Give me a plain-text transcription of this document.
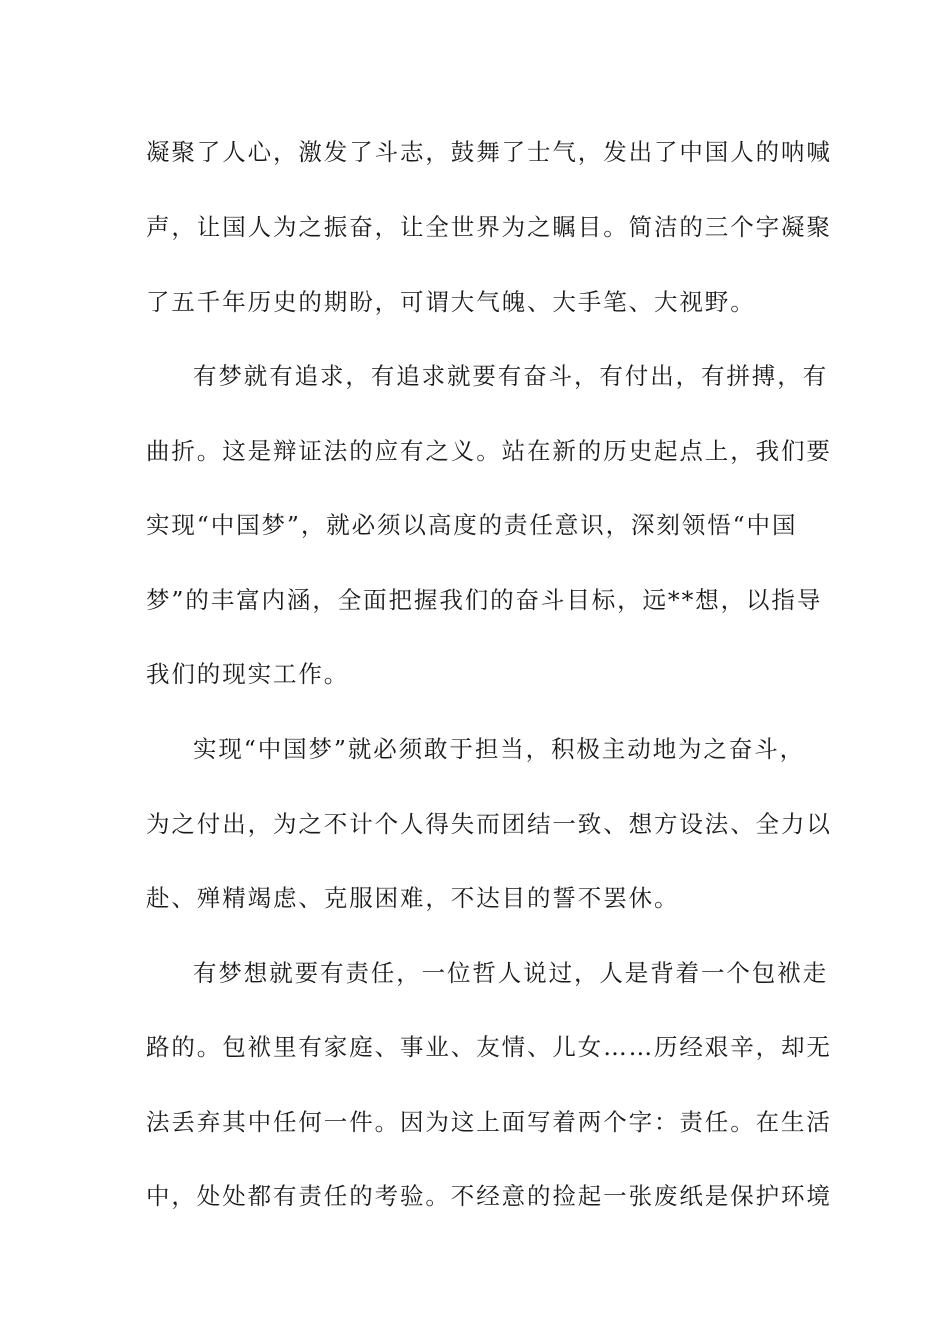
凝聚了人心，激发了斗志，鼓舞了士气，发出了中国人的呐喊
声，让国人为之振奋，让全世界为之瞩目。简洁的三个字凝聚
了五千年历史的期盼，可谓大气魄、大手笔、大视野。
有梦就有追求，有追求就要有奋斗，有付出，有拼搏，有
曲折。这是辩证法的应有之义。站在新的历史起点上，我们要
实现“中国梦”，就必须以高度的责任意识，深刻领悟“中国
梦”的丰富内涵，全面把握我们的奋斗目标，远**想，以指导
我们的现实工作。
实现“中国梦”就必须敢于担当，积极主动地为之奋斗，
为之付出，为之不计个人得失而团结一致、想方设法、全力以
赴、殚精竭虑、克服困难，不达目的誓不罢休。
有梦想就要有责任，一位哲人说过，人是背着一个包袱走
路的。包袱里有家庭、事业、友情、儿女……历经艰辛，却无
法丢弃其中任何一件。因为这上面写着两个字：责任。在生活
中，处处都有责任的考验。不经意的捡起一张废纸是保护环境
